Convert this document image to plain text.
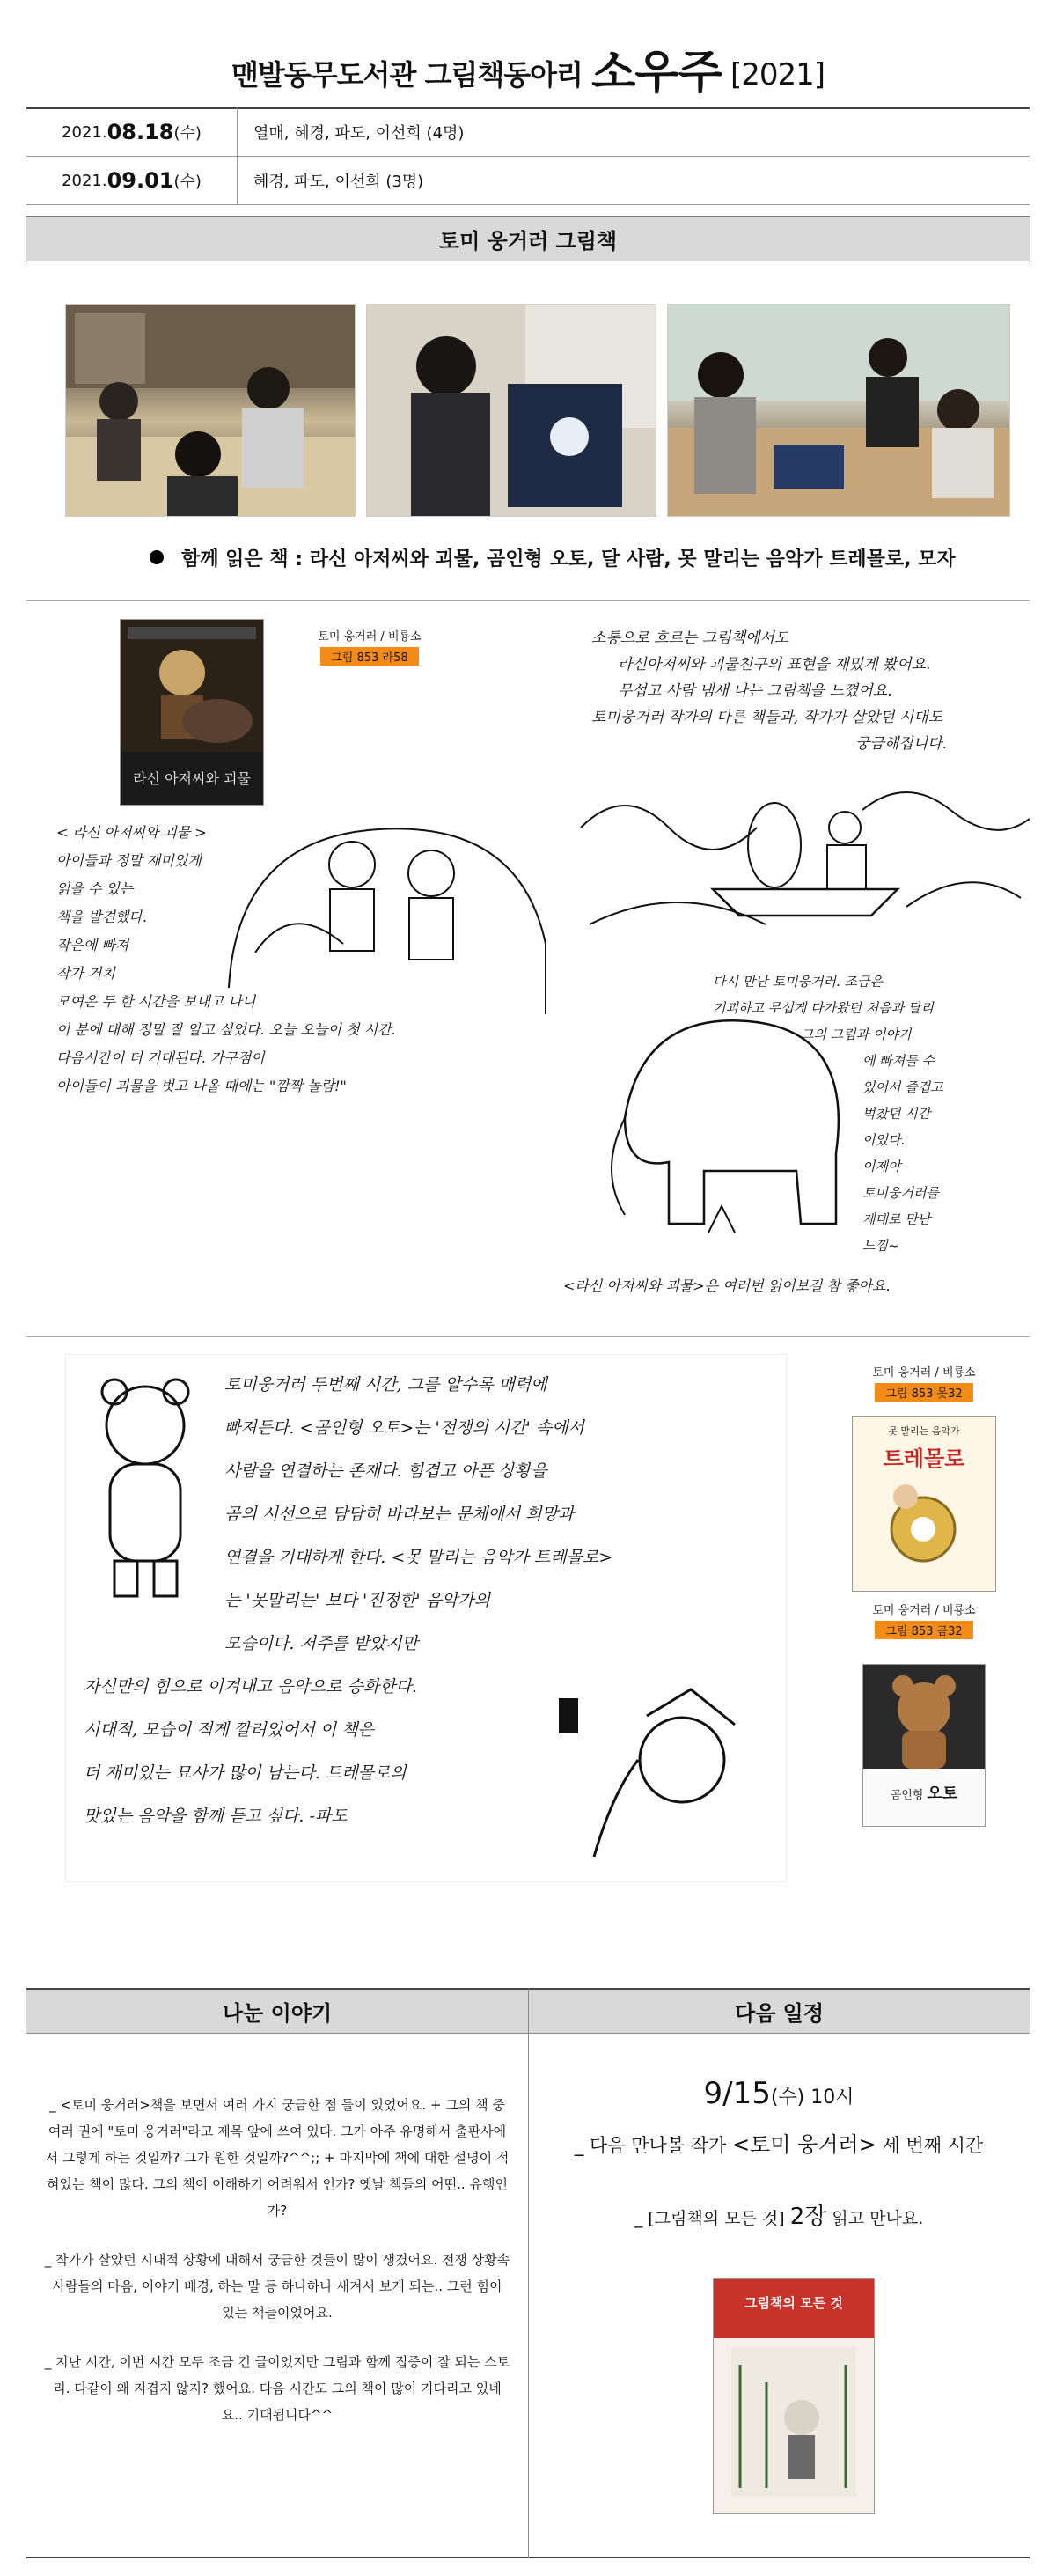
맨발동무도서관 그림책동아리 소우주 [2021]
2021. 08.18 (수)	열매, 혜경, 파도, 이선희 (4명)
2021. 09.01 (수)	혜경, 파도, 이선희 (3명)
토미 웅거러 그림책
함께 읽은 책 : 라신 아저씨와 괴물, 곰인형 오토, 달 사람, 못 말리는 음악가 트레몰로, 모자
라신 아저씨와 괴물
토미 웅거러 / 비룡소
그림 853 라58
소통으로 흐르는 그림책에서도
라신아저씨와 괴물친구의 표현을 재밌게 봤어요.
무섭고 사람 냄새 나는 그림책을 느꼈어요.
토미웅거러 작가의 다른 책들과, 작가가 살았던 시대도
궁금해집니다.
< 라신 아저씨와 괴물 >
아이들과 정말 재미있게
읽을 수 있는
책을 발견했다.
작은에 빠져
작가 거치
모여온 두 한 시간을 보내고 나니
이 분에 대해 정말 잘 알고 싶었다. 오늘 오늘이 첫 시간.
다음시간이 더 기대된다. 가구점이
아이들이 괴물을 벗고 나올 때에는 "깜짝 놀람!"
다시 만난 토미웅거러. 조금은
기괴하고 무섭게 다가왔던 처음과 달리
그의 그림과 이야기
에 빠져들 수
있어서 즐겁고
벅찼던 시간
이었다.
이제야
토미웅거러를
제대로 만난
느낌~
<라신 아저씨와 괴물>은 여러번 읽어보길 참 좋아요.
토미웅거러 두번째 시간, 그를 알수록 매력에
빠져든다. <곰인형 오토>는 '전쟁의 시간' 속에서
사람을 연결하는 존재다. 힘겹고 아픈 상황을
곰의 시선으로 담담히 바라보는 문체에서 희망과
연결을 기대하게 한다. <못 말리는 음악가 트레몰로>
는 '못말리는' 보다 '진정한' 음악가의
모습이다. 저주를 받았지만
자신만의 힘으로 이겨내고 음악으로 승화한다.
시대적, 모습이 적게 깔려있어서 이 책은
더 재미있는 묘사가 많이 남는다. 트레몰로의
맛있는 음악을 함께 듣고 싶다. -파도
토미 웅거러 / 비룡소
그림 853 못32
못 말리는 음악가
트레몰로
토미 웅거러 / 비룡소
그림 853 곰32
곰인형 오토
나눈 이야기	다음 일정

_ <토미 웅거러>책을 보면서 여러 가지 궁금한 점 들이 있었어요. + 그의 책 중 여러 권에 "토미 웅거러"라고 제목 앞에 쓰여 있다. 그가 아주 유명해서 출판사에서 그렇게 하는 것일까? 그가 원한 것일까?^^;; + 마지막에 책에 대한 설명이 적혀있는 책이 많다. 그의 책이 이해하기 어려워서 인가? 옛날 책들의 어떤.. 유행인가?

_ 작가가 살았던 시대적 상황에 대해서 궁금한 것들이 많이 생겼어요. 전쟁 상황속 사람들의 마음, 이야기 배경, 하는 말 등 하나하나 새겨서 보게 되는.. 그런 힘이 있는 책들이었어요.

_ 지난 시간, 이번 시간 모두 조금 긴 글이었지만 그림과 함께 집중이 잘 되는 스토리. 다같이 왜 지겹지 않지? 했어요. 다음 시간도 그의 책이 많이 기다리고 있네요.. 기대됩니다^^

9/15(수) 10시
_ 다음 만나볼 작가 <토미 웅거러> 세 번째 시간
_ [그림책의 모든 것] 2장 읽고 만나요.
그림책의 모든 것
